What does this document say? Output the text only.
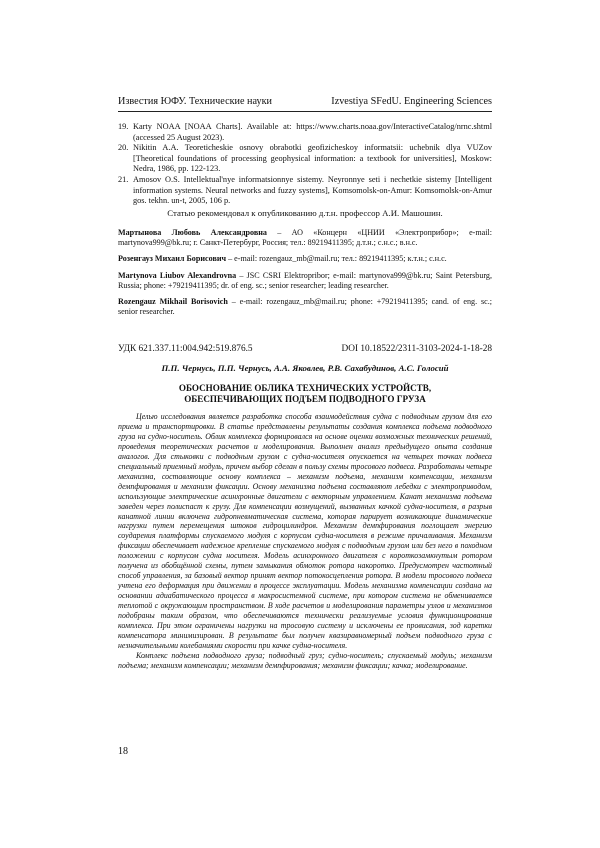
Известия ЮФУ. Технические науки	Izvestiya SFedU. Engineering Sciences
19. Karty NOAA [NOAA Charts]. Available at: https://www.charts.noaa.gov/InteractiveCatalog/nrnc.shtml (accessed 25 August 2023).
20. Nikitin A.A. Teoreticheskie osnovy obrabotki geofizicheskoy informatsii: uchebnik dlya VUZov [Theoretical foundations of processing geophysical information: a textbook for universities], Moskow: Nedra, 1986, pp. 122-123.
21. Amosov O.S. Intellektual'nye informatsionnye sistemy. Neyronnye seti i nechetkie sistemy [Intelligent information systems. Neural networks and fuzzy systems], Komsomolsk-on-Amur: Komsomolsk-on-Amur gos. tekhn. un-t, 2005, 106 p.
Статью рекомендовал к опубликованию д.т.н. профессор А.И. Машошин.

Мартынова Любовь Александровна – АО «Концерн «ЦНИИ «Электроприбор»; e-mail: martynova999@bk.ru; г. Санкт-Петербург, Россия; тел.: 89219411395; д.т.н.; с.н.с.; в.н.с.

Розенгауз Михаил Борисович – e-mail: rozengauz_mb@mail.ru; тел.: 89219411395; к.т.н.; с.н.с.

Martynova Liubov Alexandrovna – JSC CSRI Elektropribor; e-mail: martynova999@bk.ru; Saint Petersburg, Russia; phone: +79219411395; dr. of eng. sc.; senior researcher; leading researcher.

Rozengauz Mikhail Borisovich – e-mail: rozengauz_mb@mail.ru; phone: +79219411395; cand. of eng. sc.; senior researcher.

УДК 621.337.11:004.942:519.876.5	DOI 10.18522/2311-3103-2024-1-18-28
П.П. Чернусь, П.П. Чернусь, А.А. Яковлев, Р.В. Сахабудинов, А.С. Голосий
ОБОСНОВАНИЕ ОБЛИКА ТЕХНИЧЕСКИХ УСТРОЙСТВ,
ОБЕСПЕЧИВАЮЩИХ ПОДЪЕМ ПОДВОДНОГО ГРУЗА

Целью исследования является разработка способа взаимодействия судна с подводным грузом для его приема и транспортировки. В статье представлены результаты создания комплекса подъема подводного груза на судно-носитель. Облик комплекса формировался на основе оценки возможных технических решений, проведения теоретических расчетов и моделирования. Выполнен анализ предыдущего опыта создания аналогов. Для стыковки с подводным грузом с судна-носителя опускается на четырех точках подвеса специальный приемный модуль, причем выбор сделан в пользу схемы тросового подвеса. Разработаны четыре механизма, составляющие основу комплекса – механизм подъема, механизм компенсации, механизм демпфирования и механизм фиксации. Основу механизма подъема составляют лебедки с электроприводом, использующие электрические асинхронные двигатели с векторным управлением. Канат механизма подъема заведен через полиспаст к грузу. Для компенсации возмущений, вызванных качкой судна-носителя, в разрыв канатной линии включена гидропневматическая система, которая парирует возникающие динамические нагрузки путем перемещения штоков гидроцилиндров. Механизм демпфирования поглощает энергию соударения платформы спускаемого модуля с корпусом судна-носителя в режиме причаливания. Механизм фиксации обеспечивает надежное крепление спускаемого модуля с подводным грузом или без него в походном положении с корпусом судна носителя. Модель асинхронного двигателя с короткозамкнутым ротором получена из обобщённой схемы, путем замыкания обмоток ротора накоротко. Предусмотрен частотный способ управления, за базовый вектор принят вектор потокосцепления ротора. В модели тросового подвеса учтена его деформация при движении в процессе эксплуатации. Модель механизма компенсации создана на основании адиабатического процесса в макросистемной системе, при котором система не обменивается теплотой с окружающим пространством. В ходе расчетов и моделирования параметры узлов и механизмов подобраны таким образом, что обеспечиваются технически реализуемые условия функционирования комплекса. При этом ограничены нагрузки на тросовую систему и исключены ее провисания, зод каретки компенсатора минимизирован. В результате был получен квазиравномерный подъем подводного груза с незначительными колебаниями скорости при качке судна-носителя.

Комплекс подъема подводного груза; подводный груз; судно-носитель; спускаемый модуль; механизм подъема; механизм компенсации; механизм демпфирования; механизм фиксации; качка; моделирование.

18
